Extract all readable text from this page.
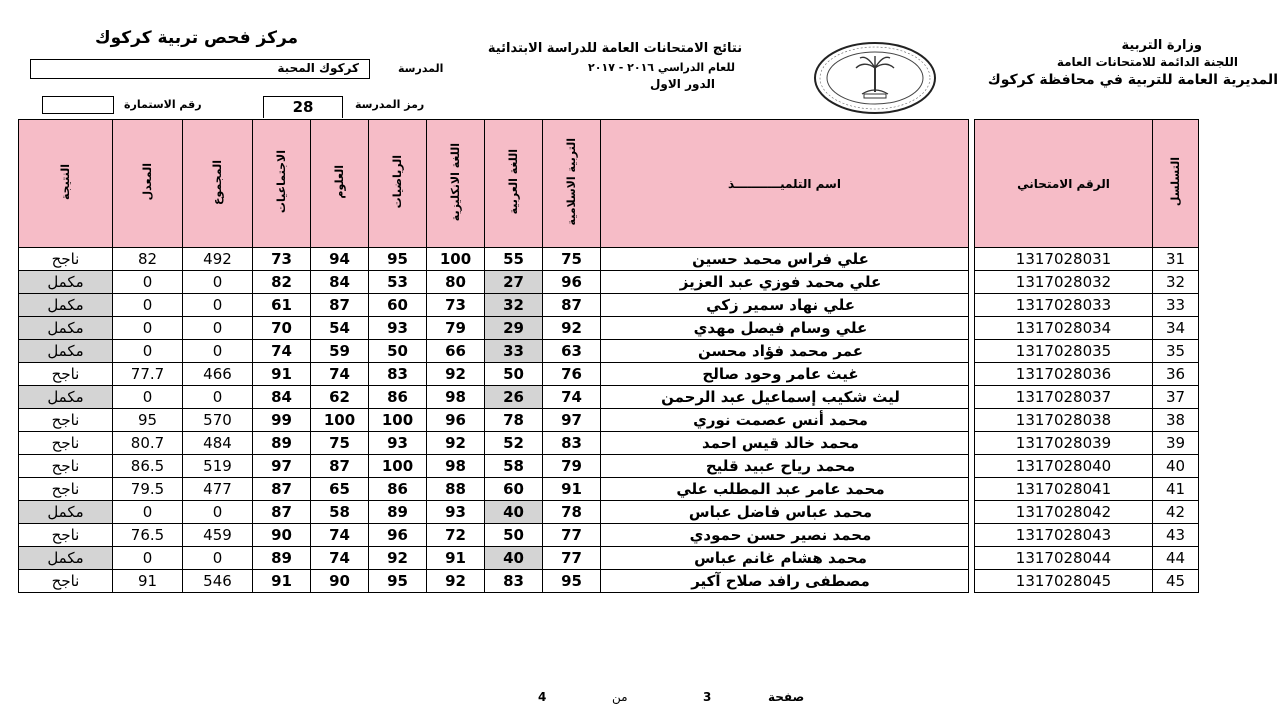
وزارة التربية
اللجنة الدائمة للامتحانات العامة
المديرية العامة للتربية في محافظة كركوك
نتائج الامتحانات العامة للدراسة الابتدائية
للعام الدراسي ٢٠١٦ - ٢٠١٧
الدور الاول
مركز فحص تربية كركوك
المدرسة
كركوك المحبة
رمز المدرسة
28
رقم الاستمارة
النتيجة	المعدل	المجموع	الاجتماعيات	العلوم	الرياضيات	اللغة الانكليزية	اللغة العربية	التربية الاسلامية	اسم التلميـــــــــــذ		الرقم الامتحاني	التسلسل
ناجح	82	492	73	94	95	100	55	75	علي فراس محمد حسين		1317028031	31
مكمل	0	0	82	84	53	80	27	96	علي محمد فوزي عبد العزيز		1317028032	32
مكمل	0	0	61	87	60	73	32	87	علي نهاد سمير زكي		1317028033	33
مكمل	0	0	70	54	93	79	29	92	علي وسام فيصل مهدي		1317028034	34
مكمل	0	0	74	59	50	66	33	63	عمر محمد فؤاد محسن		1317028035	35
ناجح	77.7	466	91	74	83	92	50	76	غيث عامر وحود صالح		1317028036	36
مكمل	0	0	84	62	86	98	26	74	ليث شكيب إسماعيل عبد الرحمن		1317028037	37
ناجح	95	570	99	100	100	96	78	97	محمد أنس عصمت نوري		1317028038	38
ناجح	80.7	484	89	75	93	92	52	83	محمد خالد قيس احمد		1317028039	39
ناجح	86.5	519	97	87	100	98	58	79	محمد رياح عبيد قليح		1317028040	40
ناجح	79.5	477	87	65	86	88	60	91	محمد عامر عبد المطلب علي		1317028041	41
مكمل	0	0	87	58	89	93	40	78	محمد عباس فاضل عباس		1317028042	42
ناجح	76.5	459	90	74	96	72	50	77	محمد نصير حسن حمودي		1317028043	43
مكمل	0	0	89	74	92	91	40	77	محمد هشام غانم عباس		1317028044	44
ناجح	91	546	91	90	95	92	83	95	مصطفى رافد صلاح آكير		1317028045	45
صفحة
3
من
4
